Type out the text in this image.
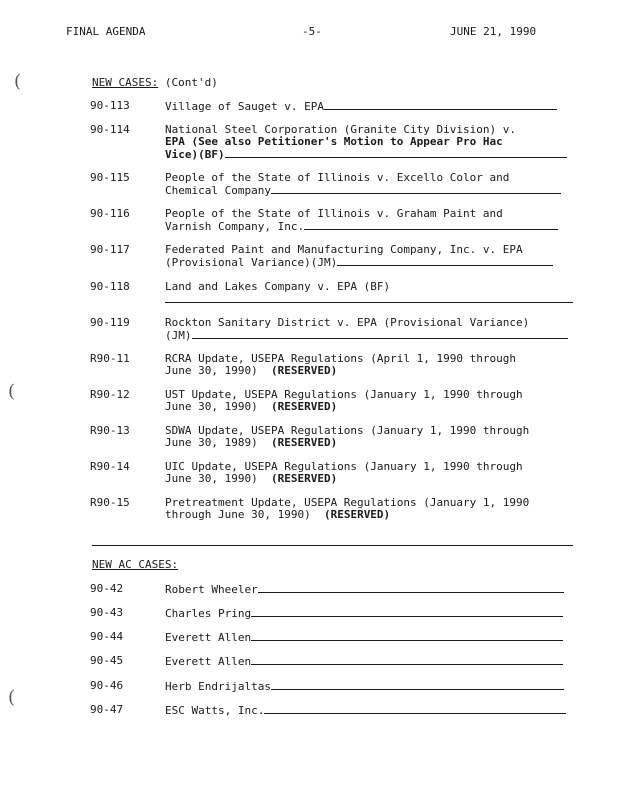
FINAL AGENDA	-5-	JUNE 21, 1990
(
(
(
NEW CASES: (Cont'd)
90-113	Village of Sauget v. EPA
90-114	National Steel Corporation (Granite City Division) v.
EPA (See also Petitioner's Motion to Appear Pro Hac
Vice)(BF)
90-115	People of the State of Illinois v. Excello Color and
Chemical Company
90-116	People of the State of Illinois v. Graham Paint and
Varnish Company, Inc.
90-117	Federated Paint and Manufacturing Company, Inc. v. EPA
(Provisional Variance)(JM)
90-118	Land and Lakes Company v. EPA (BF)
90-119	Rockton Sanitary District v. EPA (Provisional Variance)
(JM)
R90-11	RCRA Update, USEPA Regulations (April 1, 1990 through
June 30, 1990) (RESERVED)
R90-12	UST Update, USEPA Regulations (January 1, 1990 through
June 30, 1990) (RESERVED)
R90-13	SDWA Update, USEPA Regulations (January 1, 1990 through
June 30, 1989) (RESERVED)
R90-14	UIC Update, USEPA Regulations (January 1, 1990 through
June 30, 1990) (RESERVED)
R90-15	Pretreatment Update, USEPA Regulations (January 1, 1990
through June 30, 1990) (RESERVED)
NEW AC CASES:
90-42	Robert Wheeler
90-43	Charles Pring
90-44	Everett Allen
90-45	Everett Allen
90-46	Herb Endrijaltas
90-47	ESC Watts, Inc.
